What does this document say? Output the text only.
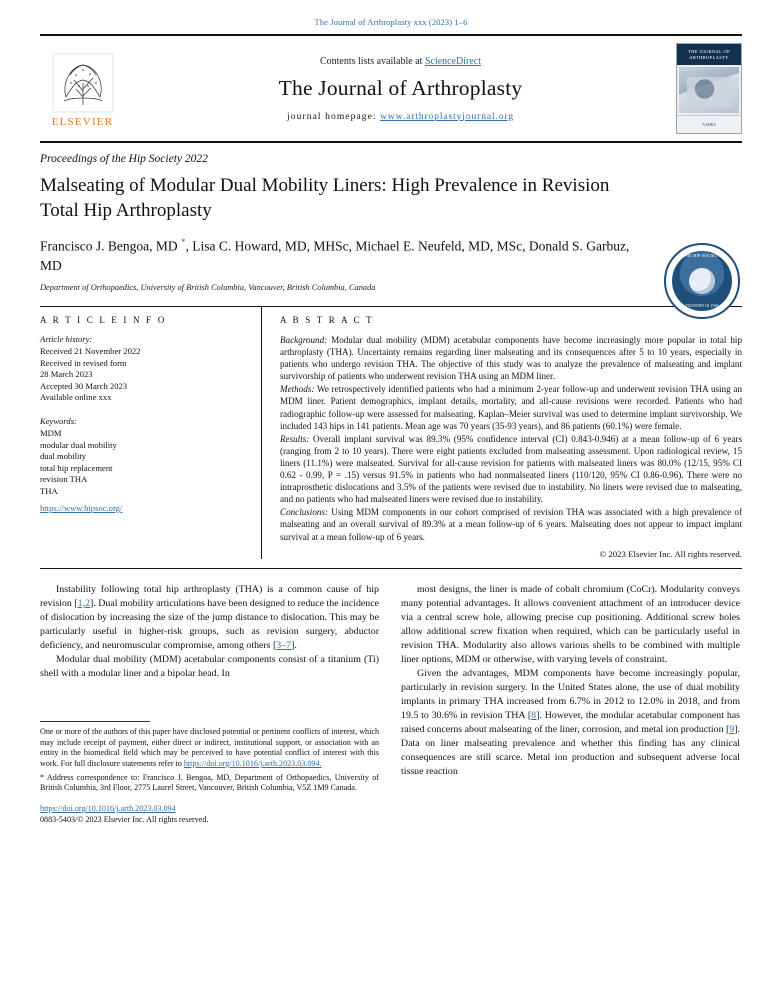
The Journal of Arthroplasty xxx (2023) 1–6
ELSEVIER
Contents lists available at ScienceDirect
The Journal of Arthroplasty
journal homepage: www.arthroplastyjournal.org
THE JOURNAL OF ARTHROPLASTY
AAHKS
Proceedings of the Hip Society 2022
Malseating of Modular Dual Mobility Liners: High Prevalence in Revision Total Hip Arthroplasty
Francisco J. Bengoa, MD *, Lisa C. Howard, MD, MHSc, Michael E. Neufeld, MD, MSc, Donald S. Garbuz, MD
Department of Orthopaedics, University of British Columbia, Vancouver, British Columbia, Canada
THE HIP SOCIETY
FOUNDED IN 1968
A R T I C L E I N F O
Article history:
Received 21 November 2022
Received in revised form
28 March 2023
Accepted 30 March 2023
Available online xxx
Keywords:
MDM
modular dual mobility
dual mobility
total hip replacement
revision THA
THA
https://www.hipsoc.org/
A B S T R A C T

Background: Modular dual mobility (MDM) acetabular components have become increasingly more popular in total hip arthroplasty (THA). Uncertainty remains regarding liner malseating and its consequences after 5 to 10 years, especially in patients who undergo revision THA. The objective of this study was to analyze the prevalence of malseating and implant survivorship of patients who underwent revision THA using an MDM liner.

Methods: We retrospectively identified patients who had a minimum 2-year follow-up and underwent revision THA using an MDM liner. Patient demographics, implant details, mortality, and all-cause revisions were recorded. Patients who had radiographic follow-up were assessed for malseating. Kaplan–Meier survival was used to determine implant survivorship. We included 143 hips in 141 patients. Mean age was 70 years (35-93 years), and 86 patients (60.1%) were female.

Results: Overall implant survival was 89.3% (95% confidence interval (CI) 0.843-0.946) at a mean follow-up of 6 years (ranging from 2 to 10 years). There were eight patients excluded from malseating assessment. Upon radiological review, 15 liners (11.1%) were malseated. Survival for all-cause revision for patients with malseated liners was 80.0% (12/15, 95% CI 0.62 - 0.99, P = .15) versus 91.5% in patients who had nonmalseated liners (110/120, 95% CI 0.86-0.96). There were no intraprosthetic dislocations and 3.5% of the patients were revised due to instability. No liners were revised due to malseating, and no patients who had malseated liners were revised due to instability.

Conclusions: Using MDM components in our cohort comprised of revision THA was associated with a high prevalence of malseating and an overall survival of 89.3% at a mean follow-up of 6 years. Malseating does not appear to impact implant survival at a mean follow-up of 6 years.

© 2023 Elsevier Inc. All rights reserved.

Instability following total hip arthroplasty (THA) is a common cause of hip revision [1,2]. Dual mobility articulations have been designed to reduce the incidence of dislocation by increasing the size of the jump distance to dislocation. This may be particularly useful in higher-risk groups, such as revision surgery, abductor deficiency, and neuromuscular compromise, among others [3–7].

Modular dual mobility (MDM) acetabular components consist of a titanium (Ti) shell with a modular liner and a bipolar head. In

One or more of the authors of this paper have disclosed potential or pertinent conflicts of interest, which may include receipt of payment, either direct or indirect, institutional support, or association with an entity in the biomedical field which may be perceived to have potential conflict of interest with this work. For full disclosure statements refer to https://doi.org/10.1016/j.arth.2023.03.094.

* Address correspondence to: Francisco J. Bengoa, MD, Department of Orthopaedics, University of British Columbia, 3rd Floor, 2775 Laurel Street, Vancouver, British Columbia, V5Z 1M9 Canada.

https://doi.org/10.1016/j.arth.2023.03.094
0883-5403/© 2023 Elsevier Inc. All rights reserved.

most designs, the liner is made of cobalt chromium (CoCr). Modularity conveys many potential advantages. It allows convenient attachment of an introducer device via a central screw hole, allowing precise cup positioning. Additional screw holes allow additional screw fixation when required, which can be particularly useful in revision THA. Modularity also allows various shells to be combined with multiple liner options, MDM or otherwise, with varying levels of constraint.

Given the advantages, MDM components have become increasingly popular, particularly in revision surgery. In the United States alone, the use of dual mobility implants in primary THA increased from 6.7% in 2012 to 12.0% in 2018, and from 19.5 to 30.6% in revision THA [8]. However, the modular acetabular component has raised concerns about malseating of the liner, corrosion, and metal ion production [9]. Data on liner malseating prevalence and whether this finding has any clinical consequences are still scarce. Metal ion production and subsequent adverse local tissue reaction
